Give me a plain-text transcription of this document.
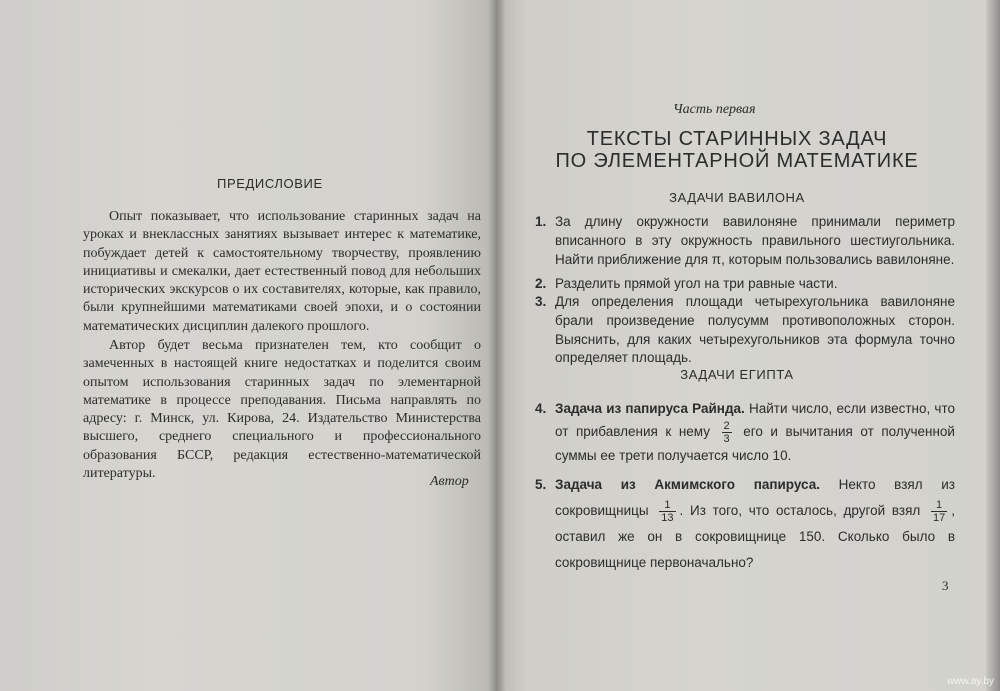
ПРЕДИСЛОВИЕ

Опыт показывает, что использование старинных задач на уроках и внеклассных занятиях вызывает интерес к математике, побуждает детей к самостоятельному творчеству, проявлению инициативы и смекалки, дает естественный повод для небольших исторических экскурсов о их составителях, которые, как правило, были крупнейшими математиками своей эпохи, и о состоянии математических дисциплин далекого прошлого.

Автор будет весьма признателен тем, кто сообщит о замеченных в настоящей книге недостатках и поделится своим опытом использования старинных задач по элементарной математике в процессе преподавания. Письма направлять по адресу: г. Минск, ул. Кирова, 24. Издательство Министерства высшего, среднего специального и профессионального образования БССР, редакция естественно-математической литературы.

Автор
Часть первая
ТЕКСТЫ СТАРИННЫХ ЗАДАЧ
ПО ЭЛЕМЕНТАРНОЙ МАТЕМАТИКЕ
ЗАДАЧИ ВАВИЛОНА
1. За длину окружности вавилоняне принимали периметр вписанного в эту окружность правильного шестиугольника. Найти приближение для π, которым пользовались вавилоняне.
2. Разделить прямой угол на три равные части.
3. Для определения площади четырехугольника вавилоняне брали произведение полусумм противоположных сторон. Выяснить, для каких четырехугольников эта формула точно определяет площадь.
ЗАДАЧИ ЕГИПТА
4. Задача из папируса Райнда. Найти число, если известно, что от прибавления к нему $\frac{2}{3}$ его и вычитания от полученной суммы ее трети получается число 10.
5. Задача из Акмимского папируса. Некто взял из сокровищницы $\frac{1}{13}$ . Из того, что осталось, другой взял $\frac{1}{17}$ , оставил же он в сокровищнице 150. Сколько было в сокровищнице первоначально?
3
www.ay.by
